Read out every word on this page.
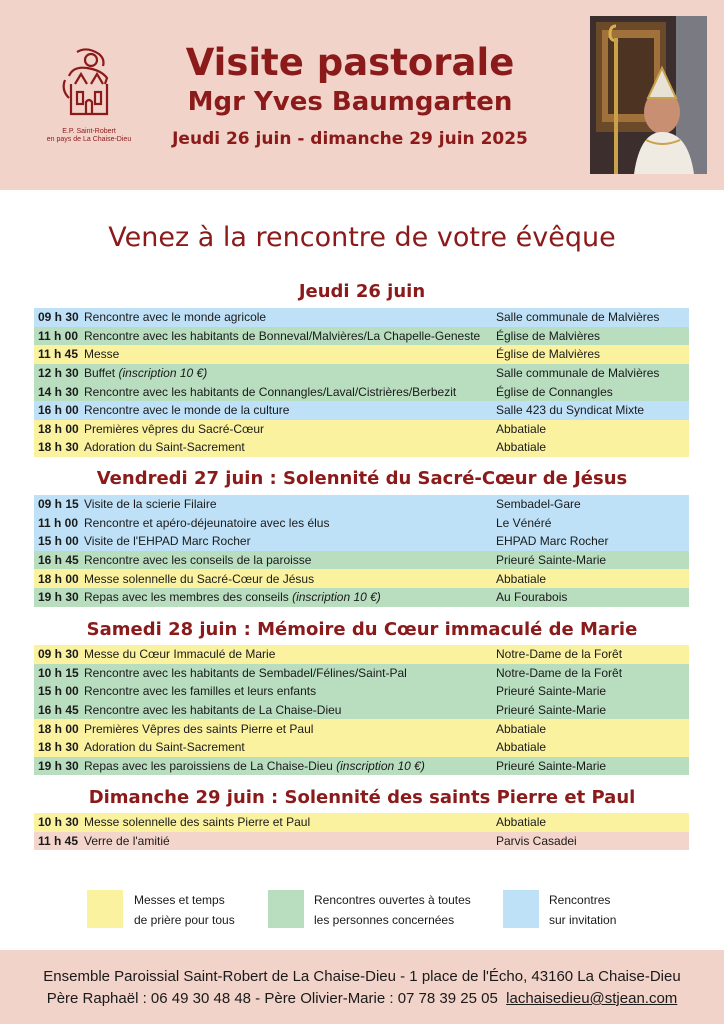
E.P. Saint-Robert
en pays de La Chaise-Dieu
Visite pastorale
Mgr Yves Baumgarten
Jeudi 26 juin - dimanche 29 juin 2025
Venez à la rencontre de votre évêque
Jeudi 26 juin
09 h 30 Rencontre avec le monde agricole	Salle communale de Malvières
11 h 00 Rencontre avec les habitants de Bonneval/Malvières/La Chapelle-Geneste	Église de Malvières
11 h 45 Messe	Église de Malvières
12 h 30 Buffet (inscription 10 €)	Salle communale de Malvières
14 h 30 Rencontre avec les habitants de Connangles/Laval/Cistrières/Berbezit	Église de Connangles
16 h 00 Rencontre avec le monde de la culture	Salle 423 du Syndicat Mixte
18 h 00 Premières vêpres du Sacré-Cœur	Abbatiale
18 h 30 Adoration du Saint-Sacrement	Abbatiale
Vendredi 27 juin : Solennité du Sacré-Cœur de Jésus
09 h 15 Visite de la scierie Filaire	Sembadel-Gare
11 h 00 Rencontre et apéro-déjeunatoire avec les élus	Le Vénéré
15 h 00 Visite de l'EHPAD Marc Rocher	EHPAD Marc Rocher
16 h 45 Rencontre avec les conseils de la paroisse	Prieuré Sainte-Marie
18 h 00 Messe solennelle du Sacré-Cœur de Jésus	Abbatiale
19 h 30 Repas avec les membres des conseils (inscription 10 €)	Au Fourabois
Samedi 28 juin : Mémoire du Cœur immaculé de Marie
09 h 30 Messe du Cœur Immaculé de Marie	Notre-Dame de la Forêt
10 h 15 Rencontre avec les habitants de Sembadel/Félines/Saint-Pal	Notre-Dame de la Forêt
15 h 00 Rencontre avec les familles et leurs enfants	Prieuré Sainte-Marie
16 h 45 Rencontre avec les habitants de La Chaise-Dieu	Prieuré Sainte-Marie
18 h 00 Premières Vêpres des saints Pierre et Paul	Abbatiale
18 h 30 Adoration du Saint-Sacrement	Abbatiale
19 h 30 Repas avec les paroissiens de La Chaise-Dieu (inscription 10 €)	Prieuré Sainte-Marie
Dimanche 29 juin : Solennité des saints Pierre et Paul
10 h 30 Messe solennelle des saints Pierre et Paul	Abbatiale
11 h 45 Verre de l'amitié	Parvis Casadei
Messes et temps
de prière pour tous
Rencontres ouvertes à toutes
les personnes concernées
Rencontres
sur invitation
Ensemble Paroissial Saint-Robert de La Chaise-Dieu - 1 place de l'Écho, 43160 La Chaise-Dieu
Père Raphaël : 06 49 30 48 48 - Père Olivier-Marie : 07 78 39 25 05 lachaisedieu@stjean.com
